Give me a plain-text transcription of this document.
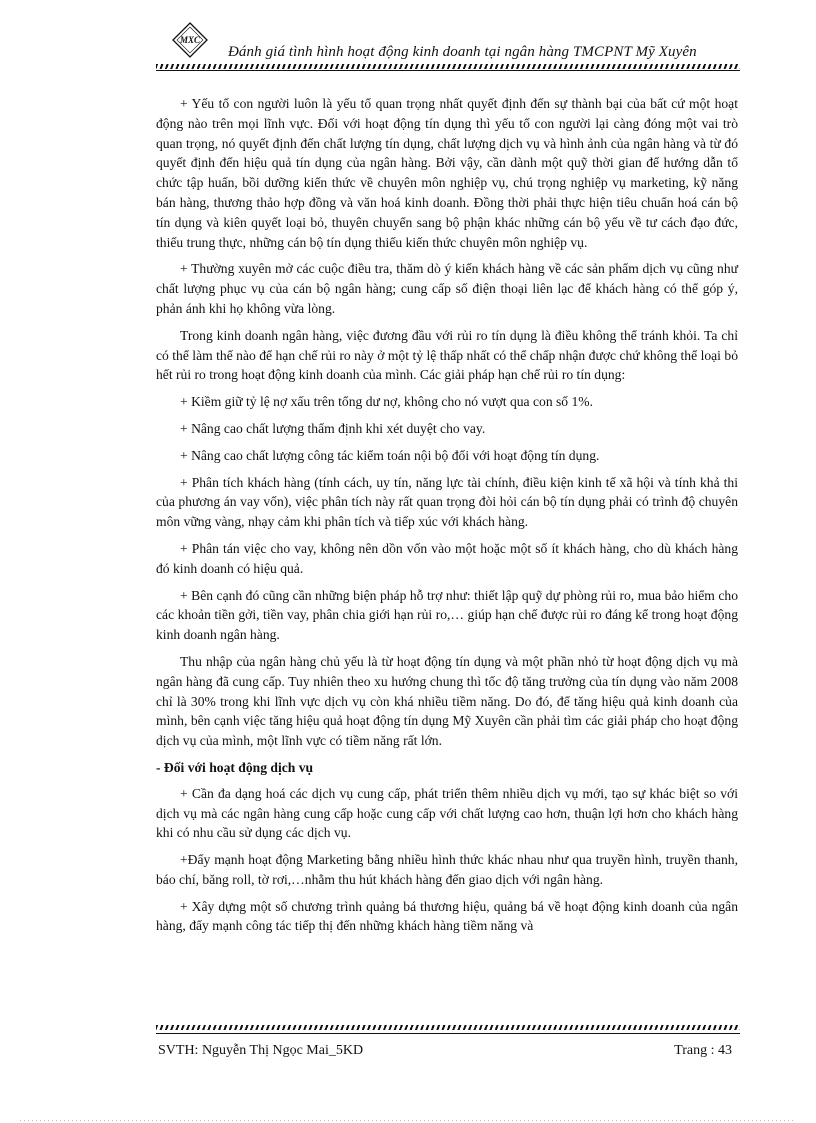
MXC
Đánh giá tình hình hoạt động kinh doanh tại ngân hàng TMCPNT Mỹ Xuyên

+ Yếu tố con người luôn là yếu tố quan trọng nhất quyết định đến sự thành bại của bất cứ một hoạt động nào trên mọi lĩnh vực. Đối với hoạt động tín dụng thì yếu tố con người lại càng đóng một vai trò quan trọng, nó quyết định đến chất lượng tín dụng, chất lượng dịch vụ và hình ảnh của ngân hàng và từ đó quyết định đến hiệu quả tín dụng của ngân hàng. Bởi vậy, cần dành một quỹ thời gian để hướng dẫn tổ chức tập huấn, bồi dưỡng kiến thức về chuyên môn nghiệp vụ, chú trọng nghiệp vụ marketing, kỹ năng bán hàng, thương thảo hợp đồng và văn hoá kinh doanh. Đồng thời phải thực hiện tiêu chuẩn hoá cán bộ tín dụng và kiên quyết loại bỏ, thuyên chuyển sang bộ phận khác những cán bộ yếu về tư cách đạo đức, thiếu trung thực, những cán bộ tín dụng thiếu kiến thức chuyên môn nghiệp vụ.

+ Thường xuyên mở các cuộc điều tra, thăm dò ý kiến khách hàng về các sản phẩm dịch vụ cũng như chất lượng phục vụ của cán bộ ngân hàng; cung cấp số điện thoại liên lạc để khách hàng có thể góp ý, phản ánh khi họ không vừa lòng.

Trong kinh doanh ngân hàng, việc đương đầu với rủi ro tín dụng là điều không thể tránh khỏi. Ta chỉ có thể làm thế nào để hạn chế rủi ro này ở một tỷ lệ thấp nhất có thể chấp nhận được chứ không thể loại bỏ hết rủi ro trong hoạt động kinh doanh của mình. Các giải pháp hạn chế rủi ro tín dụng:

+ Kiềm giữ tỷ lệ nợ xấu trên tổng dư nợ, không cho nó vượt qua con số 1%.

+ Nâng cao chất lượng thẩm định khi xét duyệt cho vay.

+ Nâng cao chất lượng công tác kiểm toán nội bộ đối với hoạt động tín dụng.

+ Phân tích khách hàng (tính cách, uy tín, năng lực tài chính, điều kiện kinh tế xã hội và tính khả thi của phương án vay vốn), việc phân tích này rất quan trọng đòi hỏi cán bộ tín dụng phải có trình độ chuyên môn vững vàng, nhạy cảm khi phân tích và tiếp xúc với khách hàng.

+ Phân tán việc cho vay, không nên dồn vốn vào một hoặc một số ít khách hàng, cho dù khách hàng đó kinh doanh có hiệu quả.

+ Bên cạnh đó cũng cần những biện pháp hỗ trợ như: thiết lập quỹ dự phòng rủi ro, mua bảo hiểm cho các khoản tiền gởi, tiền vay, phân chia giới hạn rủi ro,… giúp hạn chế được rủi ro đáng kể trong hoạt động kinh doanh ngân hàng.

Thu nhập của ngân hàng chủ yếu là từ hoạt động tín dụng và một phần nhỏ từ hoạt động dịch vụ mà ngân hàng đã cung cấp. Tuy nhiên theo xu hướng chung thì tốc độ tăng trưởng của tín dụng vào năm 2008 chỉ là 30% trong khi lĩnh vực dịch vụ còn khá nhiều tiềm năng. Do đó, để tăng hiệu quả kinh doanh của mình, bên cạnh việc tăng hiệu quả hoạt động tín dụng Mỹ Xuyên cần phải tìm các giải pháp cho hoạt động dịch vụ của mình, một lĩnh vực có tiềm năng rất lớn.

- Đối với hoạt động dịch vụ

+ Cần đa dạng hoá các dịch vụ cung cấp, phát triển thêm nhiều dịch vụ mới, tạo sự khác biệt so với dịch vụ mà các ngân hàng cung cấp hoặc cung cấp với chất lượng cao hơn, thuận lợi hơn cho khách hàng khi có nhu cầu sử dụng các dịch vụ.

+Đẩy mạnh hoạt động Marketing bằng nhiều hình thức khác nhau như qua truyền hình, truyền thanh, báo chí, băng roll, tờ rơi,…nhằm thu hút khách hàng đến giao dịch với ngân hàng.

+ Xây dựng một số chương trình quảng bá thương hiệu, quảng bá về hoạt động kinh doanh của ngân hàng, đẩy mạnh công tác tiếp thị đến những khách hàng tiềm năng và

SVTH: Nguyễn Thị Ngọc Mai_5KD	Trang : 43
